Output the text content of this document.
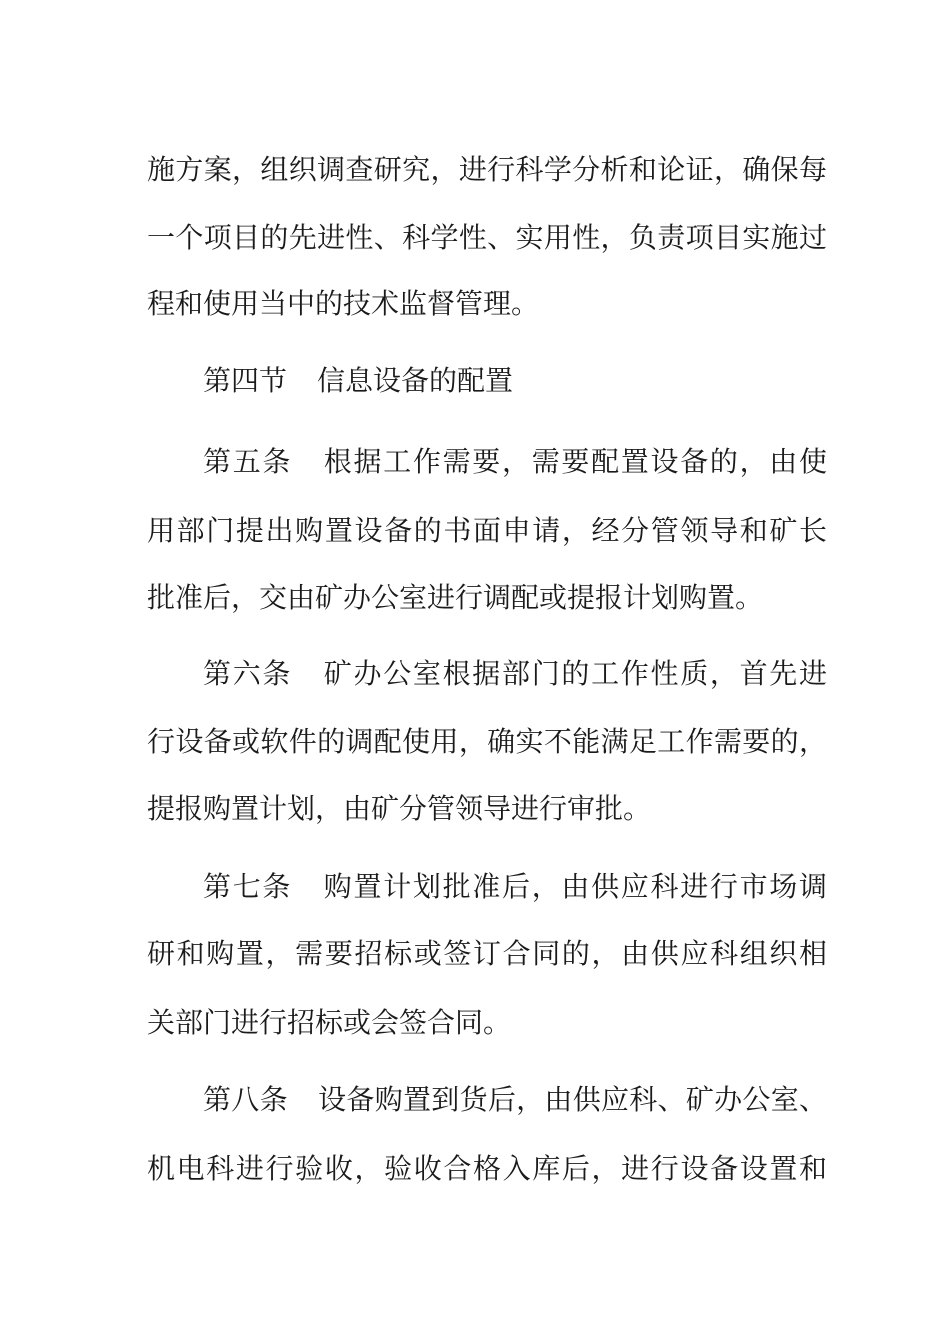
施方案，组织调查研究，进行科学分析和论证，确保每
一个项目的先进性、科学性、实用性，负责项目实施过
程和使用当中的技术监督管理。
第四节 信息设备的配置
第五条 根据工作需要，需要配置设备的，由使
用部门提出购置设备的书面申请，经分管领导和矿长
批准后，交由矿办公室进行调配或提报计划购置。
第六条 矿办公室根据部门的工作性质，首先进
行设备或软件的调配使用，确实不能满足工作需要的，
提报购置计划，由矿分管领导进行审批。
第七条 购置计划批准后，由供应科进行市场调
研和购置，需要招标或签订合同的，由供应科组织相
关部门进行招标或会签合同。
第八条 设备购置到货后，由供应科、矿办公室、
机电科进行验收，验收合格入库后，进行设备设置和
